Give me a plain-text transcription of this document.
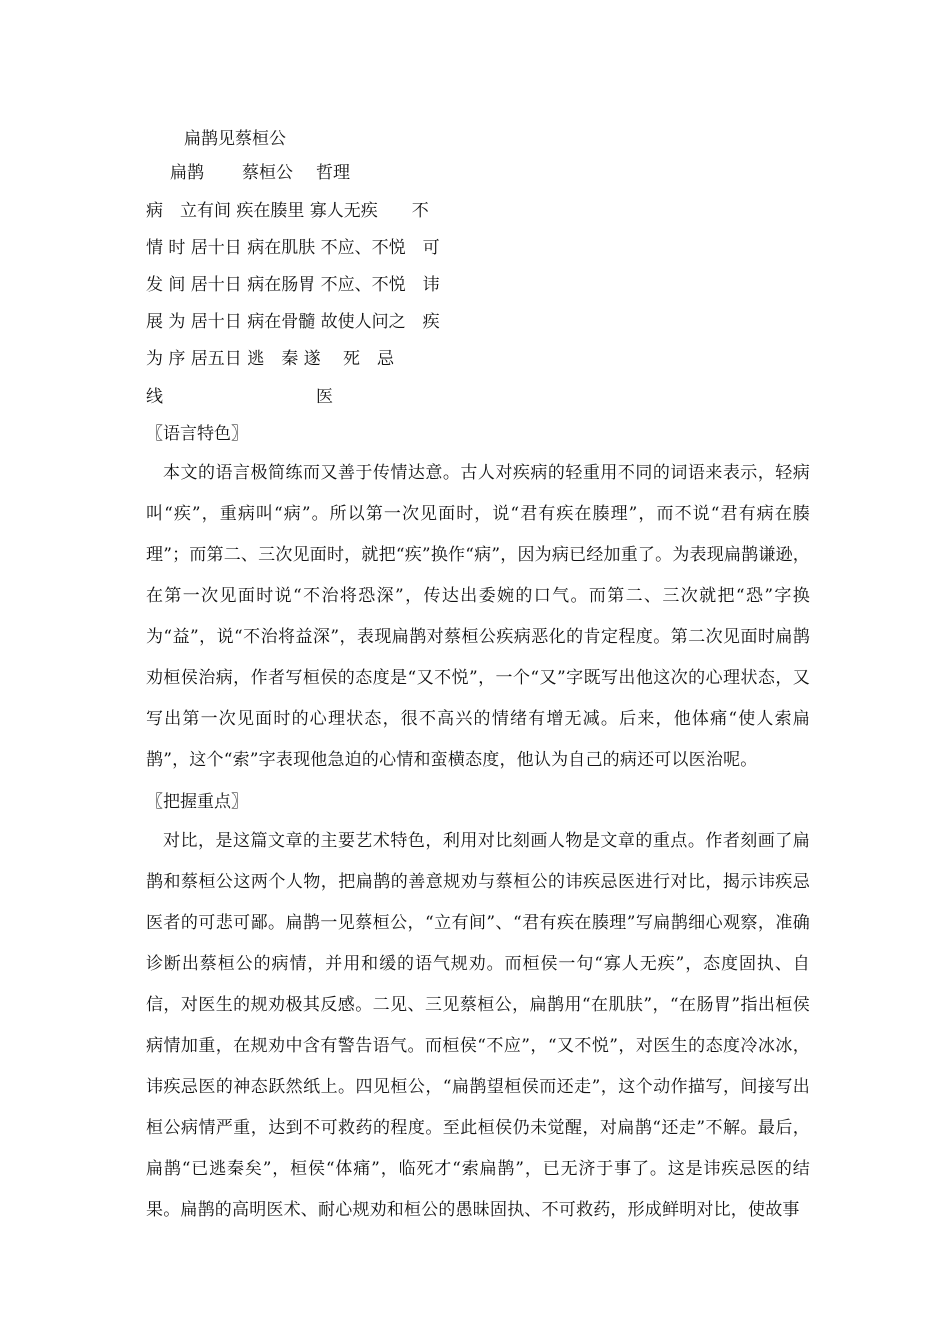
扁鹊见蔡桓公
扁鹊 蔡桓公 哲理
病　立有间 疾在腠里 寡人无疾　　不
情 时 居十日 病在肌肤 不应、不悦　可
发 间 居十日 病在肠胃 不应、不悦　讳
展 为 居十日 病在骨髓 故使人问之　疾
为 序 居五日 逃　秦 遂　 死　忌
线　　　　　　　　　医
〖语言特色〗
本文的语言极简练而又善于传情达意。古人对疾病的轻重用不同的词语来表示，轻病叫“疾”，重病叫“病”。所以第一次见面时，说“君有疾在腠理”，而不说“君有病在腠理”；而第二、三次见面时，就把“疾”换作“病”，因为病已经加重了。为表现扁鹊谦逊，在第一次见面时说“不治将恐深”，传达出委婉的口气。而第二、三次就把“恐”字换为“益”，说“不治将益深”，表现扁鹊对蔡桓公疾病恶化的肯定程度。第二次见面时扁鹊劝桓侯治病，作者写桓侯的态度是“又不悦”，一个“又”字既写出他这次的心理状态，又写出第一次见面时的心理状态，很不高兴的情绪有增无减。后来，他体痛“使人索扁鹊”，这个“索”字表现他急迫的心情和蛮横态度，他认为自己的病还可以医治呢。
〖把握重点〗
对比，是这篇文章的主要艺术特色，利用对比刻画人物是文章的重点。作者刻画了扁鹊和蔡桓公这两个人物，把扁鹊的善意规劝与蔡桓公的讳疾忌医进行对比，揭示讳疾忌医者的可悲可鄙。扁鹊一见蔡桓公，“立有间”、“君有疾在腠理”写扁鹊细心观察，准确诊断出蔡桓公的病情，并用和缓的语气规劝。而桓侯一句“寡人无疾”，态度固执、自信，对医生的规劝极其反感。二见、三见蔡桓公，扁鹊用“在肌肤”，“在肠胃”指出桓侯病情加重，在规劝中含有警告语气。而桓侯“不应”，“又不悦”，对医生的态度冷冰冰，讳疾忌医的神态跃然纸上。四见桓公，“扁鹊望桓侯而还走”，这个动作描写，间接写出桓公病情严重，达到不可救药的程度。至此桓侯仍未觉醒，对扁鹊“还走”不解。最后，扁鹊“已逃秦矣”，桓侯“体痛”，临死才“索扁鹊”，已无济于事了。这是讳疾忌医的结果。扁鹊的高明医术、耐心规劝和桓公的愚昧固执、不可救药，形成鲜明对比，使故事
